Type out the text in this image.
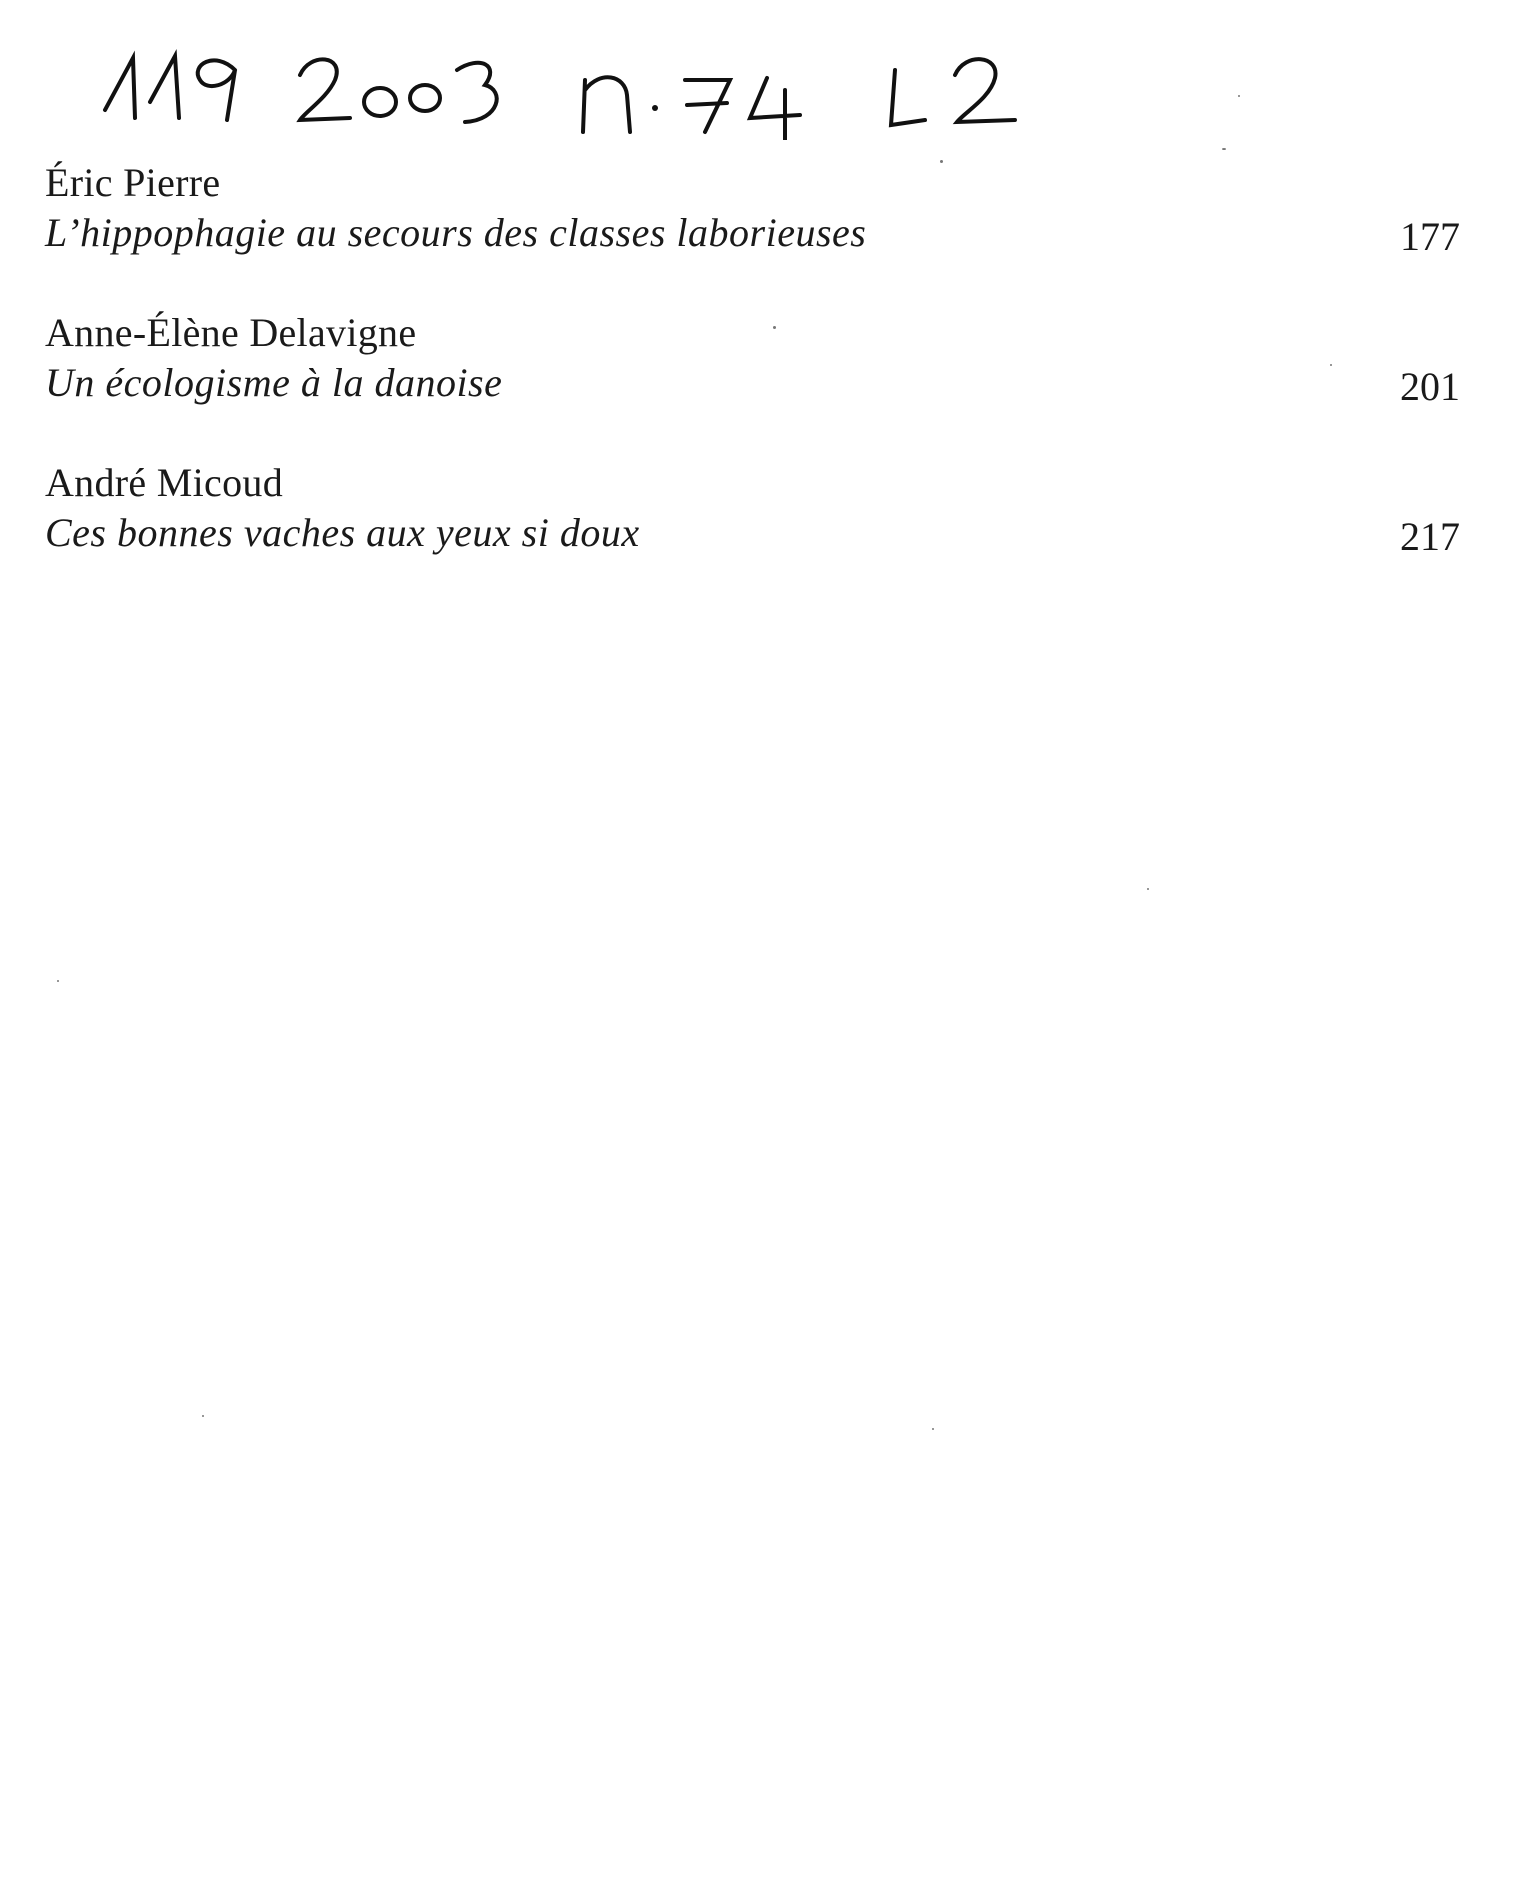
Éric Pierre
L’hippophagie au secours des classes laborieuses	177
Anne-Élène Delavigne
Un écologisme à la danoise	201
André Micoud
Ces bonnes vaches aux yeux si doux	217
